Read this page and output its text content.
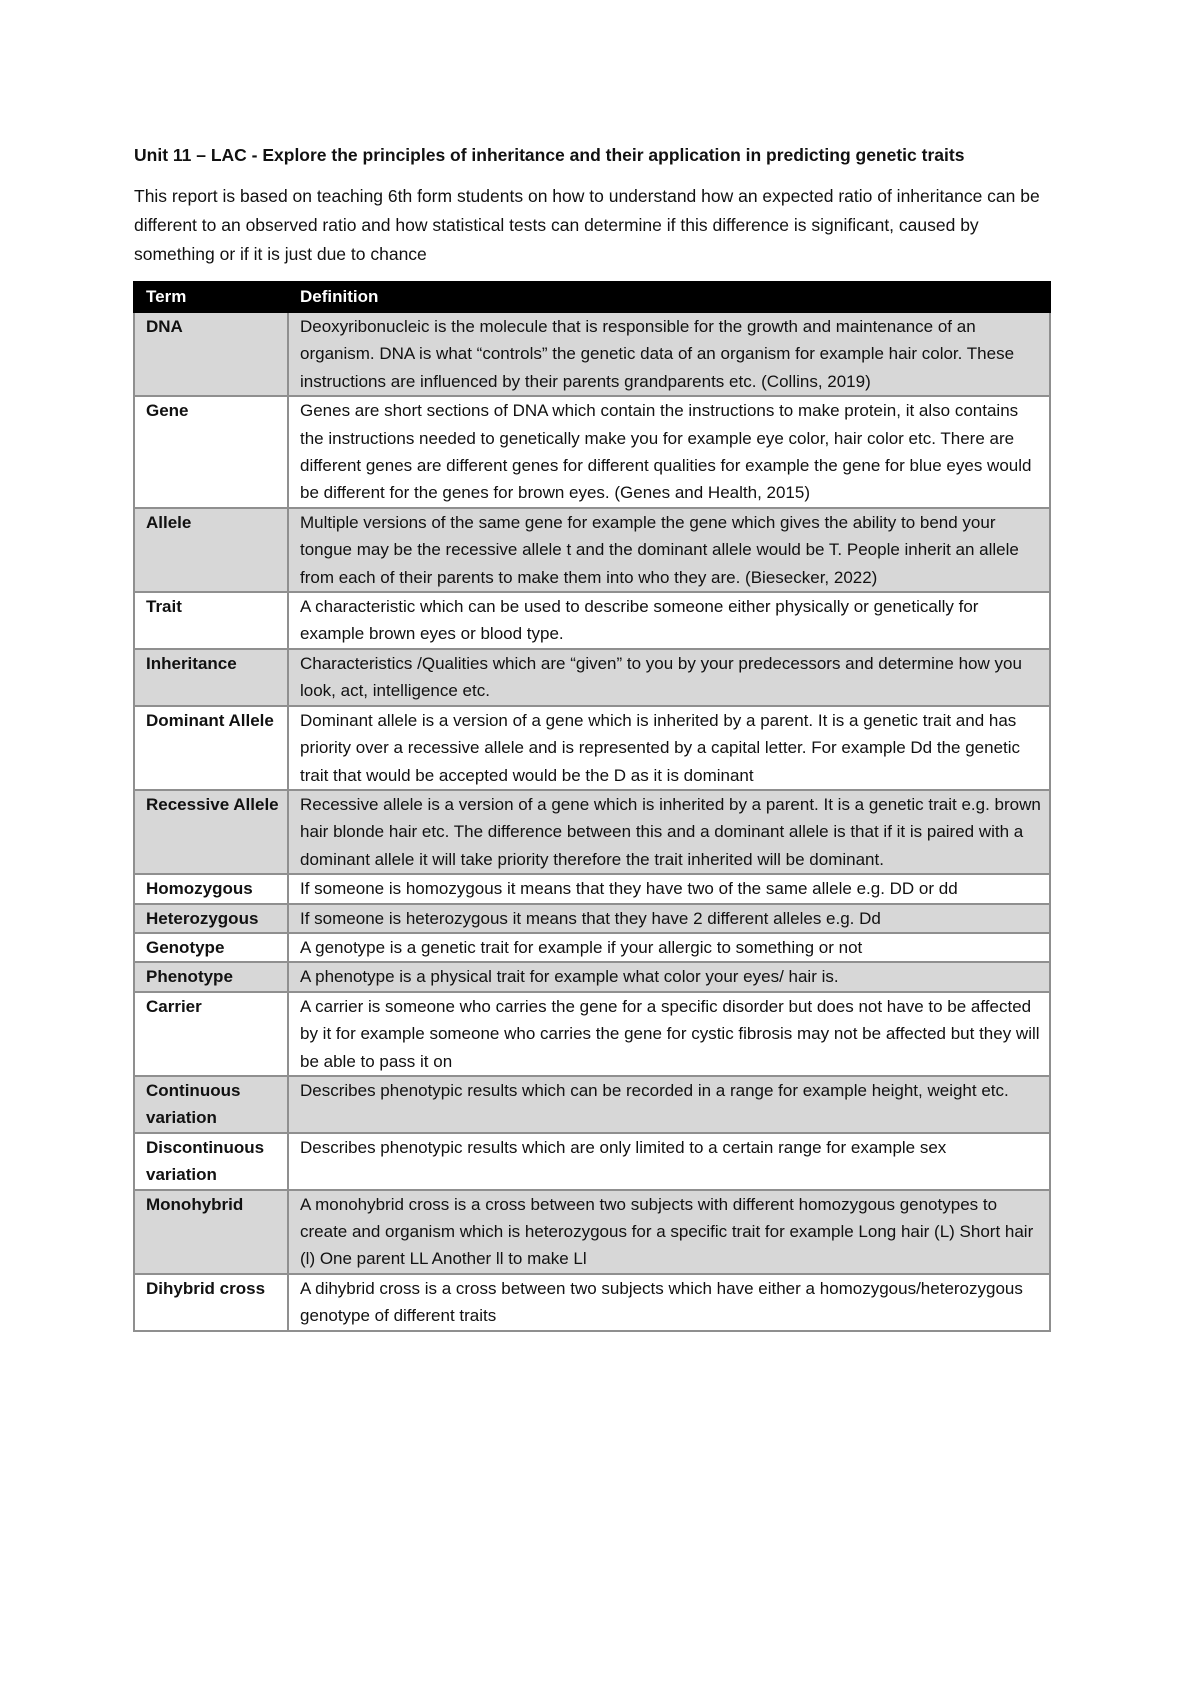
Unit 11 – LAC - Explore the principles of inheritance and their application in predicting genetic traits
This report is based on teaching 6th form students on how to understand how an expected ratio of inheritance can be different to an observed ratio and how statistical tests can determine if this difference is significant, caused by something or if it is just due to chance
Term	Definition
DNA	Deoxyribonucleic is the molecule that is responsible for the growth and maintenance of an organism. DNA is what “controls” the genetic data of an organism for example hair color. These instructions are influenced by their parents grandparents etc. (Collins, 2019)
Gene	Genes are short sections of DNA which contain the instructions to make protein, it also contains the instructions needed to genetically make you for example eye color, hair color etc. There are different genes are different genes for different qualities for example the gene for blue eyes would be different for the genes for brown eyes. (Genes and Health, 2015)
Allele	Multiple versions of the same gene for example the gene which gives the ability to bend your tongue may be the recessive allele t and the dominant allele would be T. People inherit an allele from each of their parents to make them into who they are. (Biesecker, 2022)
Trait	A characteristic which can be used to describe someone either physically or genetically for example brown eyes or blood type.
Inheritance	Characteristics /Qualities which are “given” to you by your predecessors and determine how you look, act, intelligence etc.
Dominant Allele	Dominant allele is a version of a gene which is inherited by a parent. It is a genetic trait and has priority over a recessive allele and is represented by a capital letter. For example Dd the genetic trait that would be accepted would be the D as it is dominant
Recessive Allele	Recessive allele is a version of a gene which is inherited by a parent. It is a genetic trait e.g. brown hair blonde hair etc. The difference between this and a dominant allele is that if it is paired with a dominant allele it will take priority therefore the trait inherited will be dominant.
Homozygous	If someone is homozygous it means that they have two of the same allele e.g. DD or dd
Heterozygous	If someone is heterozygous it means that they have 2 different alleles e.g. Dd
Genotype	A genotype is a genetic trait for example if your allergic to something or not
Phenotype	A phenotype is a physical trait for example what color your eyes/ hair is.
Carrier	A carrier is someone who carries the gene for a specific disorder but does not have to be affected by it for example someone who carries the gene for cystic fibrosis may not be affected but they will be able to pass it on
Continuous variation	Describes phenotypic results which can be recorded in a range for example height, weight etc.
Discontinuous variation	Describes phenotypic results which are only limited to a certain range for example sex
Monohybrid	A monohybrid cross is a cross between two subjects with different homozygous genotypes to create and organism which is heterozygous for a specific trait for example Long hair (L) Short hair (l) One parent LL Another ll to make Ll
Dihybrid cross	A dihybrid cross is a cross between two subjects which have either a homozygous/heterozygous genotype of different traits
